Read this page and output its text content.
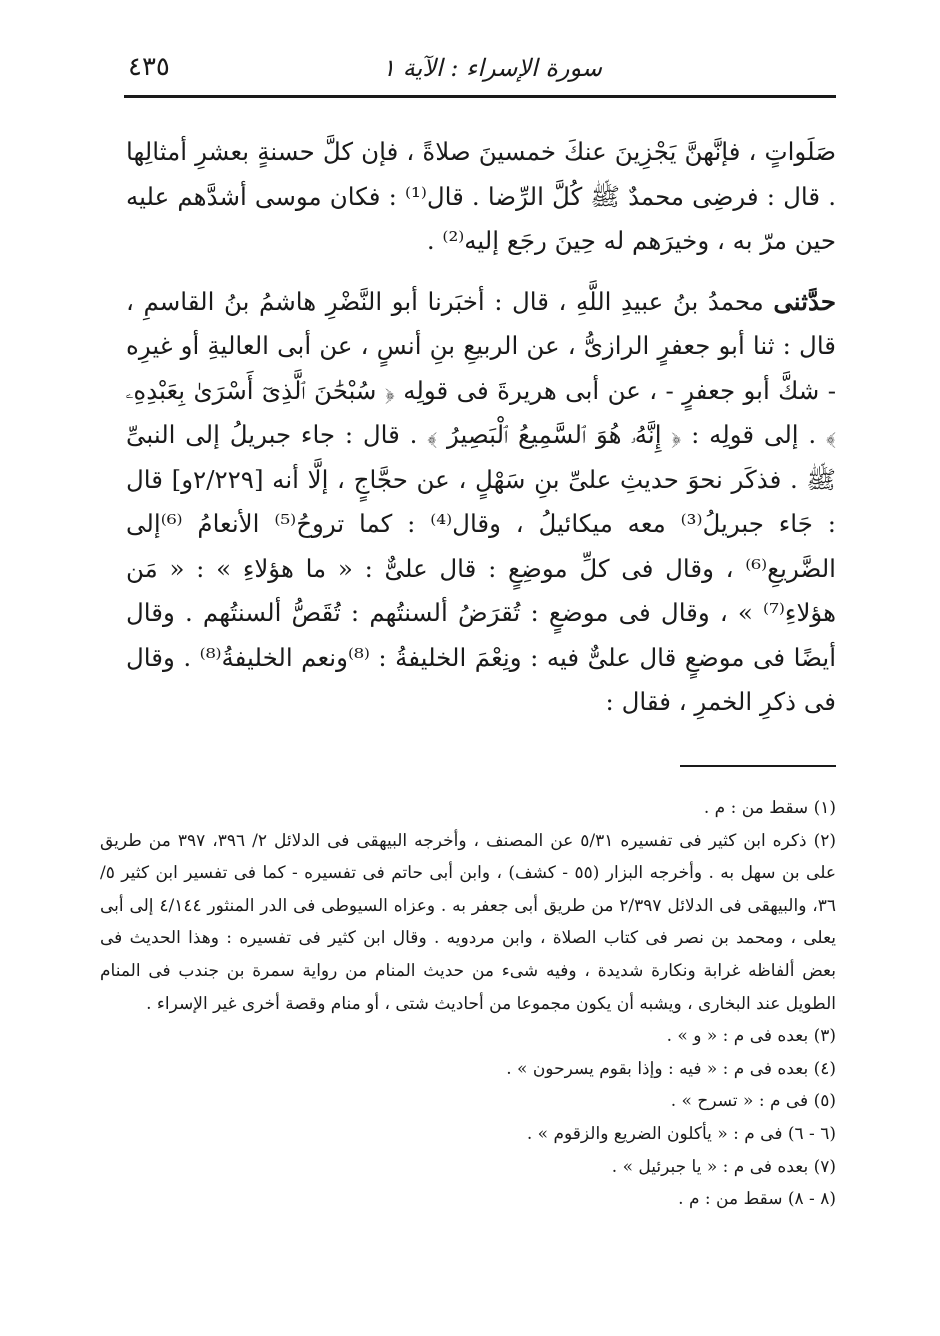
سورة الإسراء : الآية ١
٤٣٥

صَلَواتٍ ، فإنَّهنَّ يَجْزِينَ عنكَ خمسينَ صلاةً ، فإن كلَّ حسنةٍ بعشرِ أمثالِها . قال : فرضِى محمدٌ ﷺ كُلَّ الرِّضا . قال⁽¹⁾ : فكان موسى أشدَّهم عليه حين مرّ به ، وخيرَهم له حِينَ رجَع إليه⁽²⁾ .

حدَّثنى محمدُ بنُ عبيدِ اللَّهِ ، قال : أخبَرنا أبو النَّضْرِ هاشمُ بنُ القاسمِ ، قال : ثنا أبو جعفرٍ الرازىُّ ، عن الربيعِ بنِ أنسٍ ، عن أبى العاليةِ أو غيرِه - شكَّ أبو جعفرٍ - ، عن أبى هريرةَ فى قولِه ﴿ سُبْحَٰنَ ٱلَّذِىٓ أَسْرَىٰ بِعَبْدِهِۦ ﴾ . إلى قولِه : ﴿ إِنَّهُۥ هُوَ ٱلسَّمِيعُ ٱلْبَصِيرُ ﴾ . قال : جاء جبريلُ إلى النبىِّ ﷺ . فذكَر نحوَ حديثِ علىِّ بنِ سَهْلٍ ، عن حجَّاجٍ ، إلَّا أنه [٢/٢٢٩و] قال : جَاء جبريلُ⁽³⁾ معه ميكائيلُ ، وقال⁽⁴⁾ : كما تروحُ⁽⁵⁾ الأنعامُ ⁽⁶⁾إلى الضَّريعِ⁽⁶⁾ ، وقال فى كلِّ موضِعٍ : قال علىٌّ : « ما هؤلاءِ » : « مَن هؤلاءِ⁽⁷⁾ » ، وقال فى موضعٍ : تُقرَضُ ألسنتُهم : تُقَصُّ ألسنتُهم . وقال أيضًا فى موضعٍ قال علىٌّ فيه : ونِعْمَ الخليفةُ : ⁽⁸⁾ونعم الخليفةُ⁽⁸⁾ . وقال فى ذكرِ الخمرِ ، فقال :

(١) سقط من : م .
(٢) ذكره ابن كثير فى تفسيره ٥/٣١ عن المصنف ، وأخرجه البيهقى فى الدلائل ٢/ ٣٩٦، ٣٩٧ من طريق على بن سهل به . وأخرجه البزار (٥٥ - كشف) ، وابن أبى حاتم فى تفسيره - كما فى تفسير ابن كثير ٥/ ٣٦، والبيهقى فى الدلائل ٢/٣٩٧ من طريق أبى جعفر به . وعزاه السيوطى فى الدر المنثور ٤/١٤٤ إلى أبى يعلى ، ومحمد بن نصر فى كتاب الصلاة ، وابن مردويه . وقال ابن كثير فى تفسيره : وهذا الحديث فى بعض ألفاظه غرابة ونكارة شديدة ، وفيه شىء من حديث المنام من رواية سمرة بن جندب فى المنام الطويل عند البخارى ، ويشبه أن يكون مجموعا من أحاديث شتى ، أو منام وقصة أخرى غير الإسراء .
(٣) بعده فى م : « و » .
(٤) بعده فى م : « فيه : وإذا بقوم يسرحون » .
(٥) فى م : « تسرح » .
(٦ - ٦) فى م : « يأكلون الضريع والزقوم » .
(٧) بعده فى م : « يا جبرئيل » .
(٨ - ٨) سقط من : م .
